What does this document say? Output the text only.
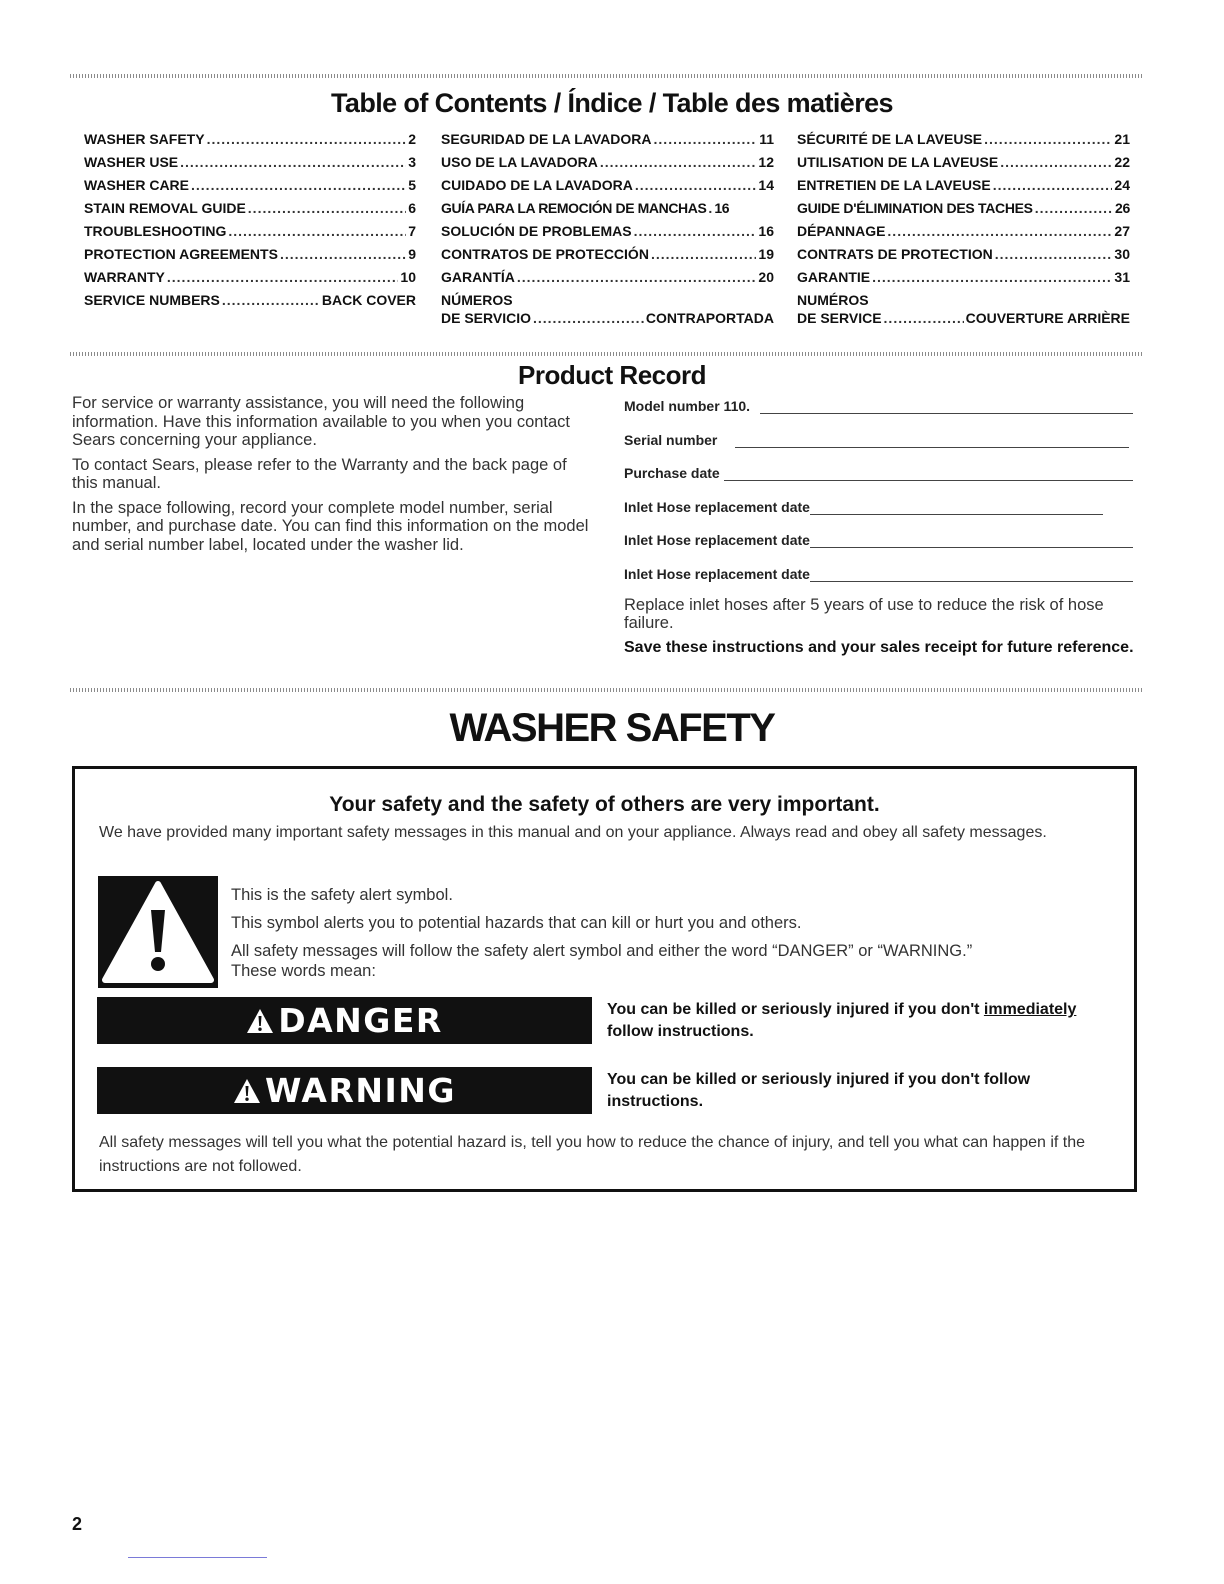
Table of Contents / Índice / Table des matières
WASHER SAFETY .....	2
WASHER USE .....	3
WASHER CARE .....	5
STAIN REMOVAL GUIDE .....	6
TROUBLESHOOTING .....	7
PROTECTION AGREEMENTS .....	9
WARRANTY .....	10
SERVICE NUMBERS .....	BACK COVER
SEGURIDAD DE LA LAVADORA .....	11
USO DE LA LAVADORA .....	12
CUIDADO DE LA LAVADORA .....	14
GUÍA PARA LA REMOCIÓN DE MANCHAS ..... 16
SOLUCIÓN DE PROBLEMAS .....	16
CONTRATOS DE PROTECCIÓN .....	19
GARANTÍA .....	20
NÚMEROS
DE SERVICIO .....	CONTRAPORTADA
SÉCURITÉ DE LA LAVEUSE .....	21
UTILISATION DE LA LAVEUSE .....	22
ENTRETIEN DE LA LAVEUSE .....	24
GUIDE D'ÉLIMINATION DES TACHES .....	26
DÉPANNAGE .....	27
CONTRATS DE PROTECTION .....	30
GARANTIE .....	31
NUMÉROS
DE SERVICE .....	COUVERTURE ARRIÈRE
Product Record

For service or warranty assistance, you will need the following information. Have this information available to you when you contact Sears concerning your appliance.

To contact Sears, please refer to the Warranty and the back page of this manual.

In the space following, record your complete model number, serial number, and purchase date. You can find this information on the model and serial number label, located under the washer lid.

Model number 110.
Serial number
Purchase date
Inlet Hose replacement date
Inlet Hose replacement date
Inlet Hose replacement date
Replace inlet hoses after 5 years of use to reduce the risk of hose failure.
Save these instructions and your sales receipt for future reference.
WASHER SAFETY
Your safety and the safety of others are very important.
We have provided many important safety messages in this manual and on your appliance. Always read and obey all safety messages.
This is the safety alert symbol.
This symbol alerts you to potential hazards that can kill or hurt you and others.
All safety messages will follow the safety alert symbol and either the word “DANGER” or “WARNING.”
These words mean:
DANGER	You can be killed or seriously injured if you don't immediately follow instructions.
WARNING	You can be killed or seriously injured if you don't follow instructions.
All safety messages will tell you what the potential hazard is, tell you how to reduce the chance of injury, and tell you what can happen if the instructions are not followed.
2
